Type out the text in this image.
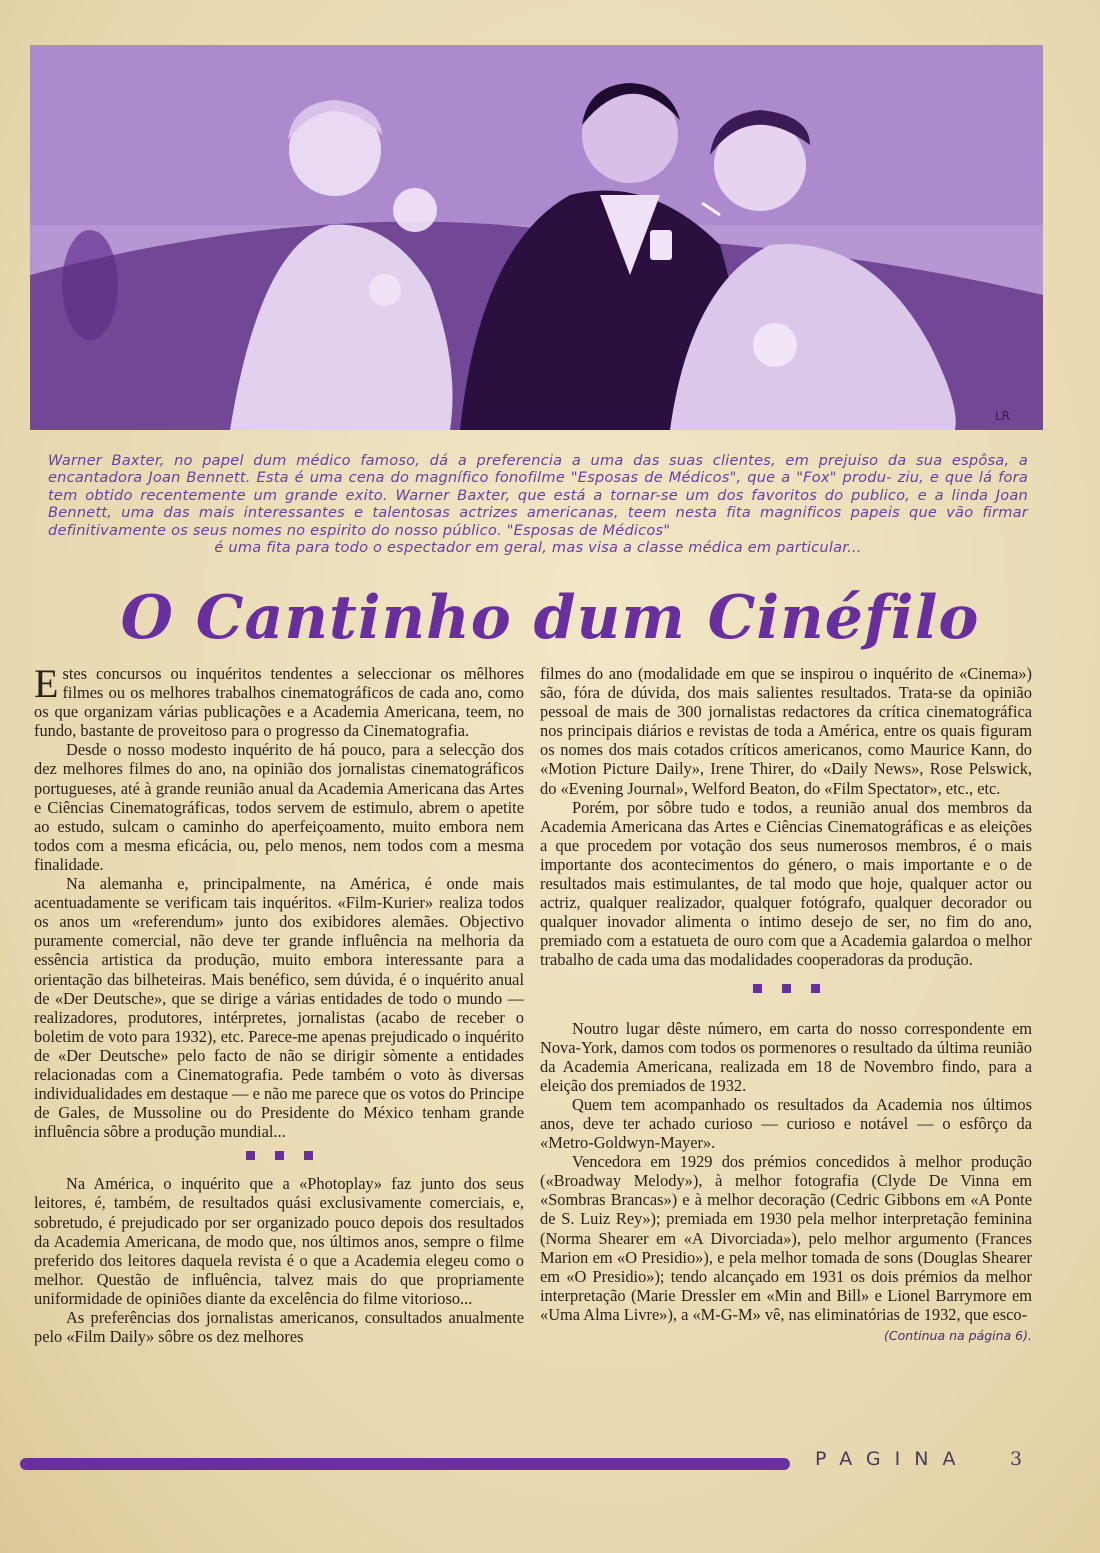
LR
Warner Baxter, no papel dum médico famoso, dá a preferencia a uma das suas clientes, em prejuiso da sua espôsa, a encantadora Joan Bennett. Esta é uma cena do magnífico fonofilme "Esposas de Médicos", que a "Fox" produ- ziu, e que lá fora tem obtido recentemente um grande exito. Warner Baxter, que está a tornar-se um dos favoritos do publico, e a linda Joan Bennett, uma das mais interessantes e talentosas actrizes americanas, teem nesta fita magnificos papeis que vão firmar definitivamente os seus nomes no espirito do nosso público. "Esposas de Médicos"
é uma fita para todo o espectador em geral, mas visa a classe médica em particular...
O Cantinho dum Cinéfilo

Estes concursos ou inquéritos tendentes a seleccionar os mêlhores filmes ou os melhores trabalhos cinematográficos de cada ano, como os que organizam várias publicações e a Academia Americana, teem, no fundo, bastante de proveitoso para o progresso da Cinematografia.

Desde o nosso modesto inquérito de há pouco, para a selecção dos dez melhores filmes do ano, na opinião dos jornalistas cinematográficos portugueses, até à grande reunião anual da Academia Americana das Artes e Ciências Cinematográficas, todos servem de estimulo, abrem o apetite ao estudo, sulcam o caminho do aperfeiçoamento, muito embora nem todos com a mesma eficácia, ou, pelo menos, nem todos com a mesma finalidade.

Na alemanha e, principalmente, na América, é onde mais acentuadamente se verificam tais inquéritos. «Film-Kurier» realiza todos os anos um «referendum» junto dos exibidores alemães. Objectivo puramente comercial, não deve ter grande influência na melhoria da essência artistica da produção, muito embora interessante para a orientação das bilheteiras. Mais benéfico, sem dúvida, é o inquérito anual de «Der Deutsche», que se dirige a várias entidades de todo o mundo — realizadores, produtores, intérpretes, jornalistas (acabo de receber o boletim de voto para 1932), etc. Parece-me apenas prejudicado o inquérito de «Der Deutsche» pelo facto de não se dirigir sòmente a entidades relacionadas com a Cinematografia. Pede também o voto às diversas individualidades em destaque — e não me parece que os votos do Principe de Gales, de Mussoline ou do Presidente do México tenham grande influência sôbre a produção mundial...

Na América, o inquérito que a «Photoplay» faz junto dos seus leitores, é, também, de resultados quási exclusivamente comerciais, e, sobretudo, é prejudicado por ser organizado pouco depois dos resultados da Academia Americana, de modo que, nos últimos anos, sempre o filme preferido dos leitores daquela revista é o que a Academia elegeu como o melhor. Questão de influência, talvez mais do que propriamente uniformidade de opiniões diante da excelência do filme vitorioso...

As preferências dos jornalistas americanos, consultados anualmente pelo «Film Daily» sôbre os dez melhores

filmes do ano (modalidade em que se inspirou o inquérito de «Cinema») são, fóra de dúvida, dos mais salientes resultados. Trata-se da opinião pessoal de mais de 300 jornalistas redactores da crítica cinematográfica nos principais diários e revistas de toda a América, entre os quais figuram os nomes dos mais cotados críticos americanos, como Maurice Kann, do «Motion Picture Daily», Irene Thirer, do «Daily News», Rose Pelswick, do «Evening Journal», Welford Beaton, do «Film Spectator», etc., etc.

Porém, por sôbre tudo e todos, a reunião anual dos membros da Academia Americana das Artes e Ciências Cinematográficas e as eleições a que procedem por votação dos seus numerosos membros, é o mais importante dos acontecimentos do género, o mais importante e o de resultados mais estimulantes, de tal modo que hoje, qualquer actor ou actriz, qualquer realizador, qualquer fotógrafo, qualquer decorador ou qualquer inovador alimenta o intimo desejo de ser, no fim do ano, premiado com a estatueta de ouro com que a Academia galardoa o melhor trabalho de cada uma das modalidades cooperadoras da produção.

Noutro lugar dêste número, em carta do nosso correspondente em Nova-York, damos com todos os pormenores o resultado da última reunião da Academia Americana, realizada em 18 de Novembro findo, para a eleição dos premiados de 1932.

Quem tem acompanhado os resultados da Academia nos últimos anos, deve ter achado curioso — curioso e notável — o esfôrço da «Metro-Goldwyn-Mayer».

Vencedora em 1929 dos prémios concedidos à melhor produção («Broadway Melody»), à melhor fotografia (Clyde De Vinna em «Sombras Brancas») e à melhor decoração (Cedric Gibbons em «A Ponte de S. Luiz Rey»); premiada em 1930 pela melhor interpretação feminina (Norma Shearer em «A Divorciada»), pelo melhor argumento (Frances Marion em «O Presidio»), e pela melhor tomada de sons (Douglas Shearer em «O Presidio»); tendo alcançado em 1931 os dois prémios da melhor interpretação (Marie Dressler em «Min and Bill» e Lionel Barrymore em «Uma Alma Livre»), a «M-G-M» vê, nas eliminatórias de 1932, que esco-

(Continua na página 6).
PAGINA 3
